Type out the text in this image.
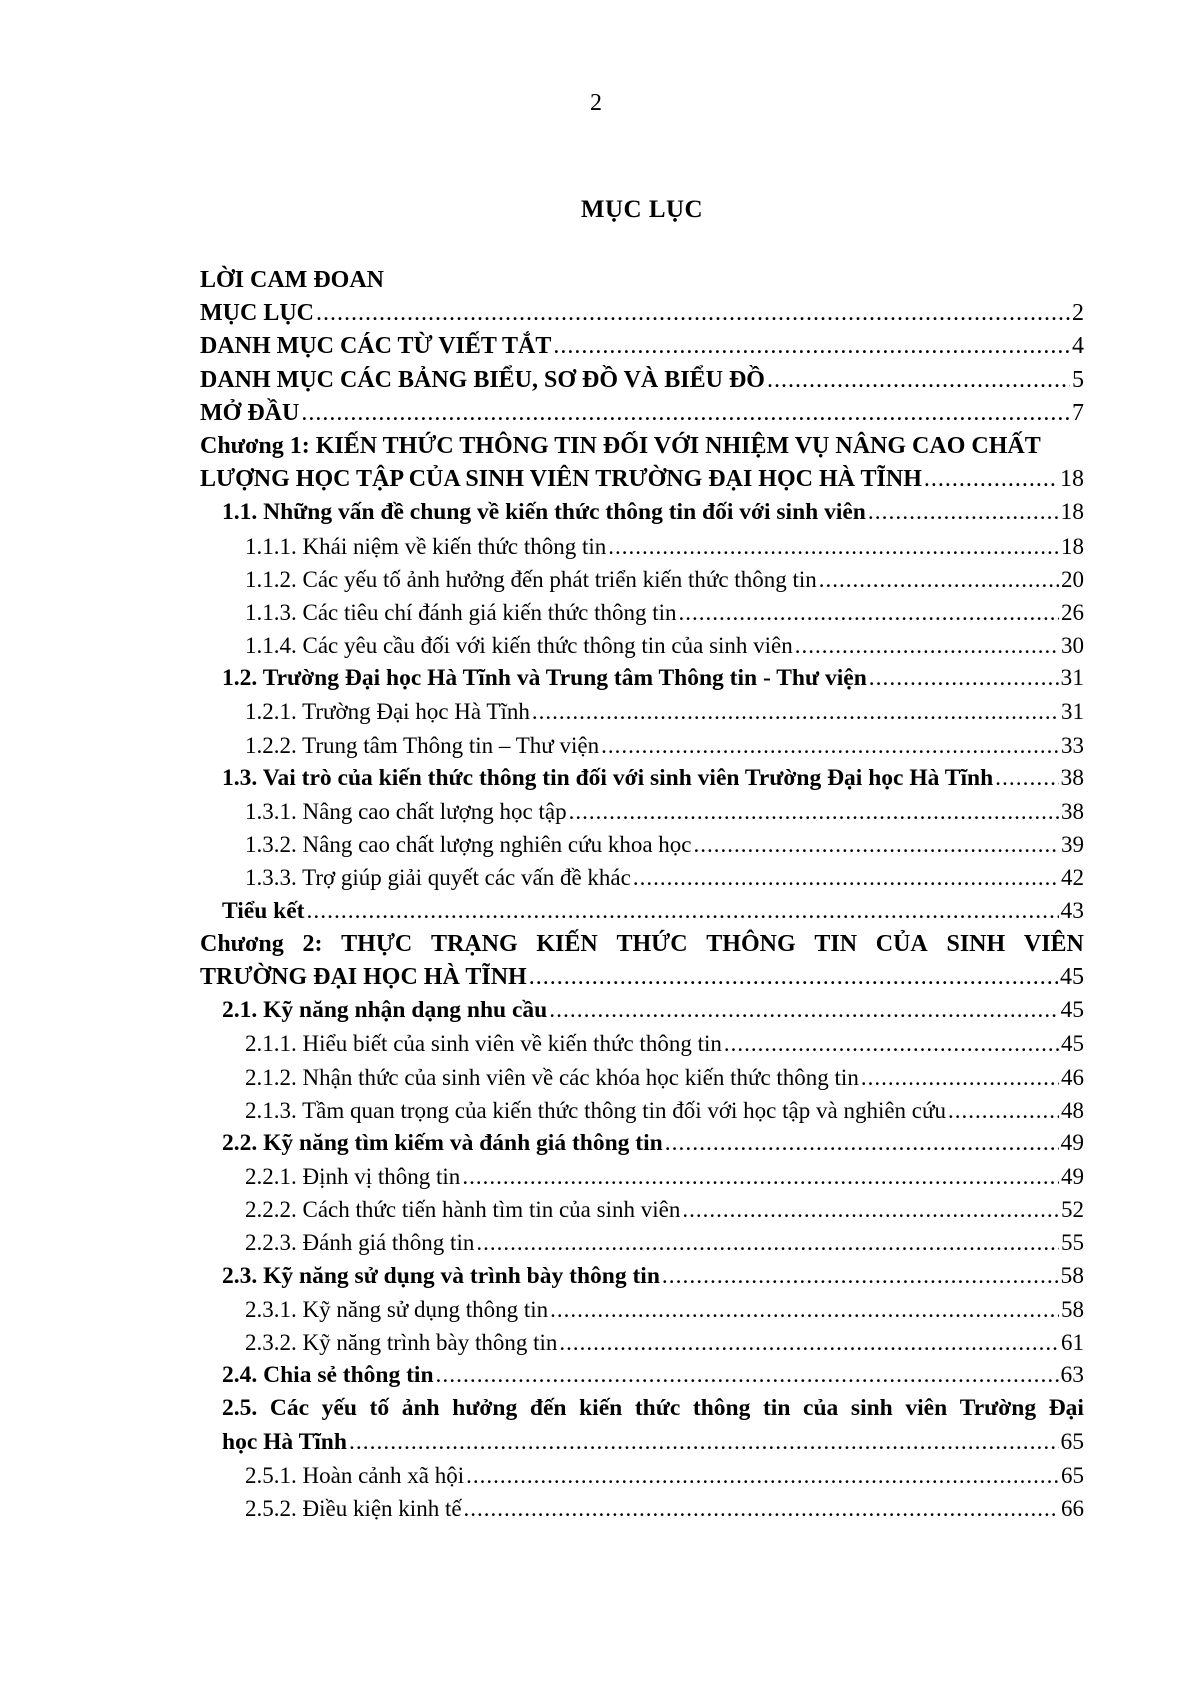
2
MỤC LỤC
LỜI CAM ĐOAN
MỤC LỤC .....	2
DANH MỤC CÁC TỪ VIẾT TẮT .....	4
DANH MỤC CÁC BẢNG BIỂU, SƠ ĐỒ VÀ BIỂU ĐỒ .....	5
MỞ ĐẦU .....	7
Chương 1: KIẾN THỨC THÔNG TIN ĐỐI VỚI NHIỆM VỤ NÂNG CAO CHẤT
LƯỢNG HỌC TẬP CỦA SINH VIÊN TRƯỜNG ĐẠI HỌC HÀ TĨNH .....	18
1.1. Những vấn đề chung về kiến thức thông tin đối với sinh viên .....	18
1.1.1. Khái niệm về kiến thức thông tin .....	18
1.1.2. Các yếu tố ảnh hưởng đến phát triển kiến thức thông tin .....	20
1.1.3. Các tiêu chí đánh giá kiến thức thông tin .....	26
1.1.4. Các yêu cầu đối với kiến thức thông tin của sinh viên .....	30
1.2. Trường Đại học Hà Tĩnh và Trung tâm Thông tin - Thư viện .....	31
1.2.1. Trường Đại học Hà Tĩnh .....	31
1.2.2. Trung tâm Thông tin – Thư viện .....	33
1.3. Vai trò của kiến thức thông tin đối với sinh viên Trường Đại học Hà Tĩnh .....	38
1.3.1. Nâng cao chất lượng học tập .....	38
1.3.2. Nâng cao chất lượng nghiên cứu khoa học .....	39
1.3.3. Trợ giúp giải quyết các vấn đề khác .....	42
Tiểu kết .....	43
Chương 2: THỰC TRẠNG KIẾN THỨC THÔNG TIN CỦA SINH VIÊN
TRƯỜNG ĐẠI HỌC HÀ TĨNH .....	45
2.1. Kỹ năng nhận dạng nhu cầu .....	45
2.1.1. Hiểu biết của sinh viên về kiến thức thông tin .....	45
2.1.2. Nhận thức của sinh viên về các khóa học kiến thức thông tin .....	46
2.1.3. Tầm quan trọng của kiến thức thông tin đối với học tập và nghiên cứu .....	48
2.2. Kỹ năng tìm kiếm và đánh giá thông tin .....	49
2.2.1. Định vị thông tin .....	49
2.2.2. Cách thức tiến hành tìm tin của sinh viên .....	52
2.2.3. Đánh giá thông tin .....	55
2.3. Kỹ năng sử dụng và trình bày thông tin .....	58
2.3.1. Kỹ năng sử dụng thông tin .....	58
2.3.2. Kỹ năng trình bày thông tin .....	61
2.4. Chia sẻ thông tin .....	63
2.5. Các yếu tố ảnh hưởng đến kiến thức thông tin của sinh viên Trường Đại
học Hà Tĩnh .....	65
2.5.1. Hoàn cảnh xã hội .....	65
2.5.2. Điều kiện kinh tế .....	66
